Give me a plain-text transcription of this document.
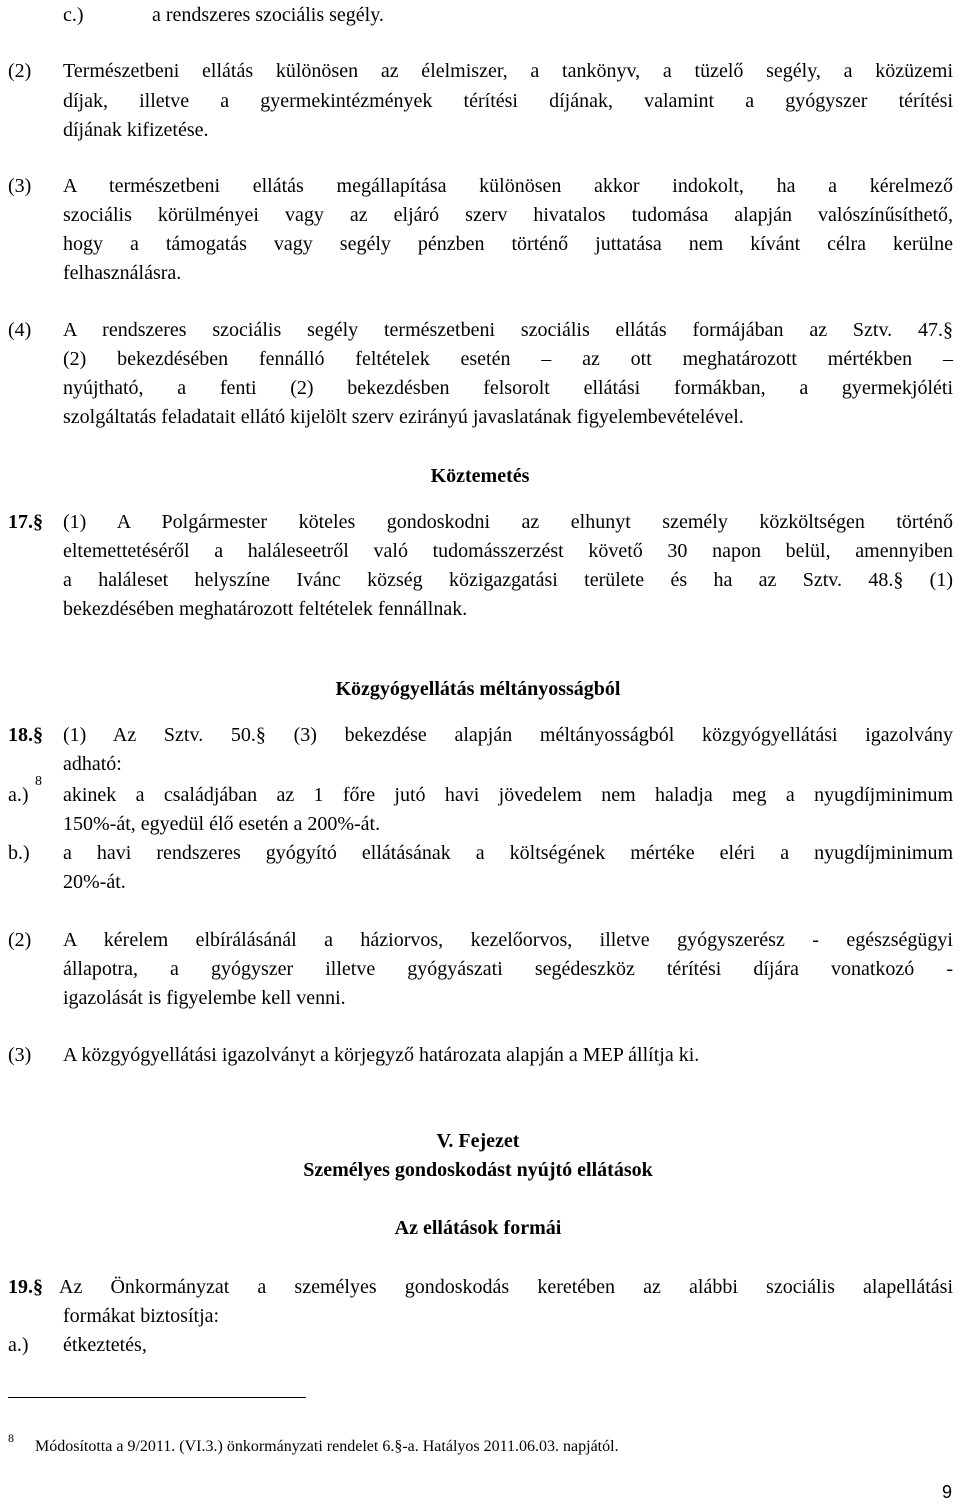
c.)	a rendszeres szociális segély.
(2) Természetbeni ellátás különösen az élelmiszer, a tankönyv, a tüzelő segély, a közüzemi
díjak, illetve a gyermekintézmények térítési díjának, valamint a gyógyszer térítési
díjának kifizetése.
(3) A természetbeni ellátás megállapítása különösen akkor indokolt, ha a kérelmező
szociális körülményei vagy az eljáró szerv hivatalos tudomása alapján valószínűsíthető,
hogy a támogatás vagy segély pénzben történő juttatása nem kívánt célra kerülne
felhasználásra.
(4) A rendszeres szociális segély természetbeni szociális ellátás formájában az Sztv. 47.§
(2) bekezdésében fennálló feltételek esetén – az ott meghatározott mértékben –
nyújtható, a fenti (2) bekezdésben felsorolt ellátási formákban, a gyermekjóléti
szolgáltatás feladatait ellátó kijelölt szerv ezirányú javaslatának figyelembevételével.
Köztemetés
17.§ (1) A Polgármester köteles gondoskodni az elhunyt személy közköltségen történő
eltemettetéséről a haláleseetről való tudomásszerzést követő 30 napon belül, amennyiben
a haláleset helyszíne Ivánc község közigazgatási területe és ha az Sztv. 48.§ (1)
bekezdésében meghatározott feltételek fennállnak.
Közgyógyellátás méltányosságból
18.§ (1) Az Sztv. 50.§ (3) bekezdése alapján méltányosságból közgyógyellátási igazolvány
adható:
a.)
8
akinek a családjában az 1 főre jutó havi jövedelem nem haladja meg a nyugdíjminimum
150%-át, egyedül élő esetén a 200%-át.
b.) a havi rendszeres gyógyító ellátásának a költségének mértéke eléri a nyugdíjminimum
20%-át.
(2) A kérelem elbírálásánál a háziorvos, kezelőorvos, illetve gyógyszerész - egészségügyi
állapotra, a gyógyszer illetve gyógyászati segédeszköz térítési díjára vonatkozó -
igazolását is figyelembe kell venni.
(3) A közgyógyellátási igazolványt a körjegyző határozata alapján a MEP állítja ki.
V. Fejezet
Személyes gondoskodást nyújtó ellátások
Az ellátások formái
19.§ Az Önkormányzat a személyes gondoskodás keretében az alábbi szociális alapellátási
formákat biztosítja:
a.) étkeztetés,
8 Módosította a 9/2011. (VI.3.) önkormányzati rendelet 6.§-a. Hatályos 2011.06.03. napjától.
9
